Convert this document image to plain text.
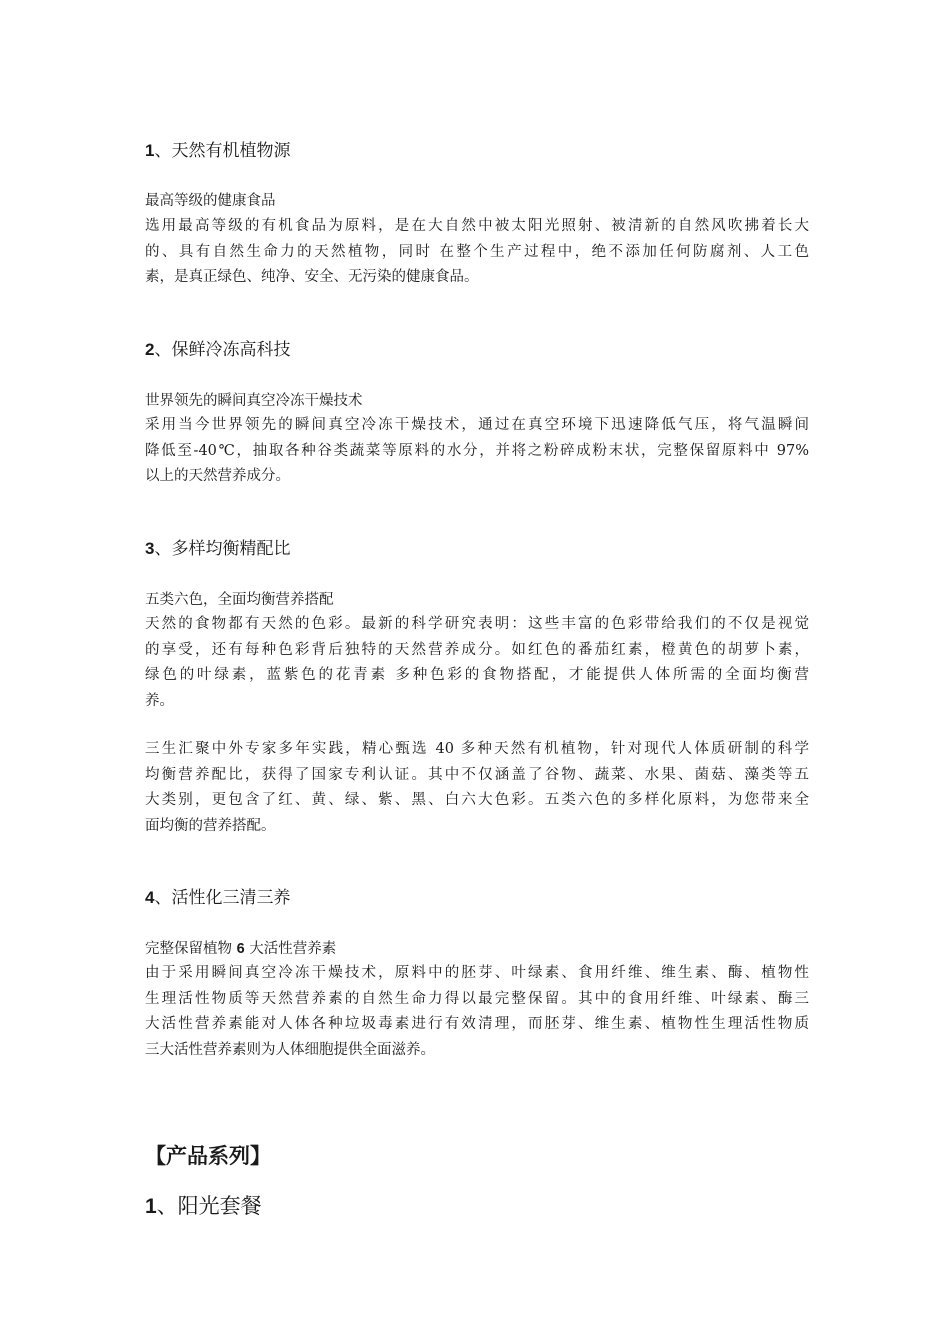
1、天然有机植物源

最高等级的健康食品

选用最高等级的有机食品为原料，是在大自然中被太阳光照射、被清新的自然风吹拂着长大
的、具有自然生命力的天然植物，同时 在整个生产过程中，绝不添加任何防腐剂、人工色
素，是真正绿色、纯净、安全、无污染的健康食品。
2、保鲜冷冻高科技

世界领先的瞬间真空冷冻干燥技术

采用当今世界领先的瞬间真空冷冻干燥技术，通过在真空环境下迅速降低气压，将气温瞬间
降低至-40℃，抽取各种谷类蔬菜等原料的水分，并将之粉碎成粉末状，完整保留原料中 97%
以上的天然营养成分。
3、多样均衡精配比

五类六色，全面均衡营养搭配

天然的食物都有天然的色彩。最新的科学研究表明：这些丰富的色彩带给我们的不仅是视觉
的享受，还有每种色彩背后独特的天然营养成分。如红色的番茄红素，橙黄色的胡萝卜素，
绿色的叶绿素，蓝紫色的花青素 多种色彩的食物搭配，才能提供人体所需的全面均衡营
养。
三生汇聚中外专家多年实践，精心甄选 40 多种天然有机植物，针对现代人体质研制的科学
均衡营养配比，获得了国家专利认证。其中不仅涵盖了谷物、蔬菜、水果、菌菇、藻类等五
大类别，更包含了红、黄、绿、紫、黑、白六大色彩。五类六色的多样化原料，为您带来全
面均衡的营养搭配。
4、活性化三清三养

完整保留植物 6 大活性营养素

由于采用瞬间真空冷冻干燥技术，原料中的胚芽、叶绿素、食用纤维、维生素、酶、植物性
生理活性物质等天然营养素的自然生命力得以最完整保留。其中的食用纤维、叶绿素、酶三
大活性营养素能对人体各种垃圾毒素进行有效清理，而胚芽、维生素、植物性生理活性物质
三大活性营养素则为人体细胞提供全面滋养。
【产品系列】
1、阳光套餐
